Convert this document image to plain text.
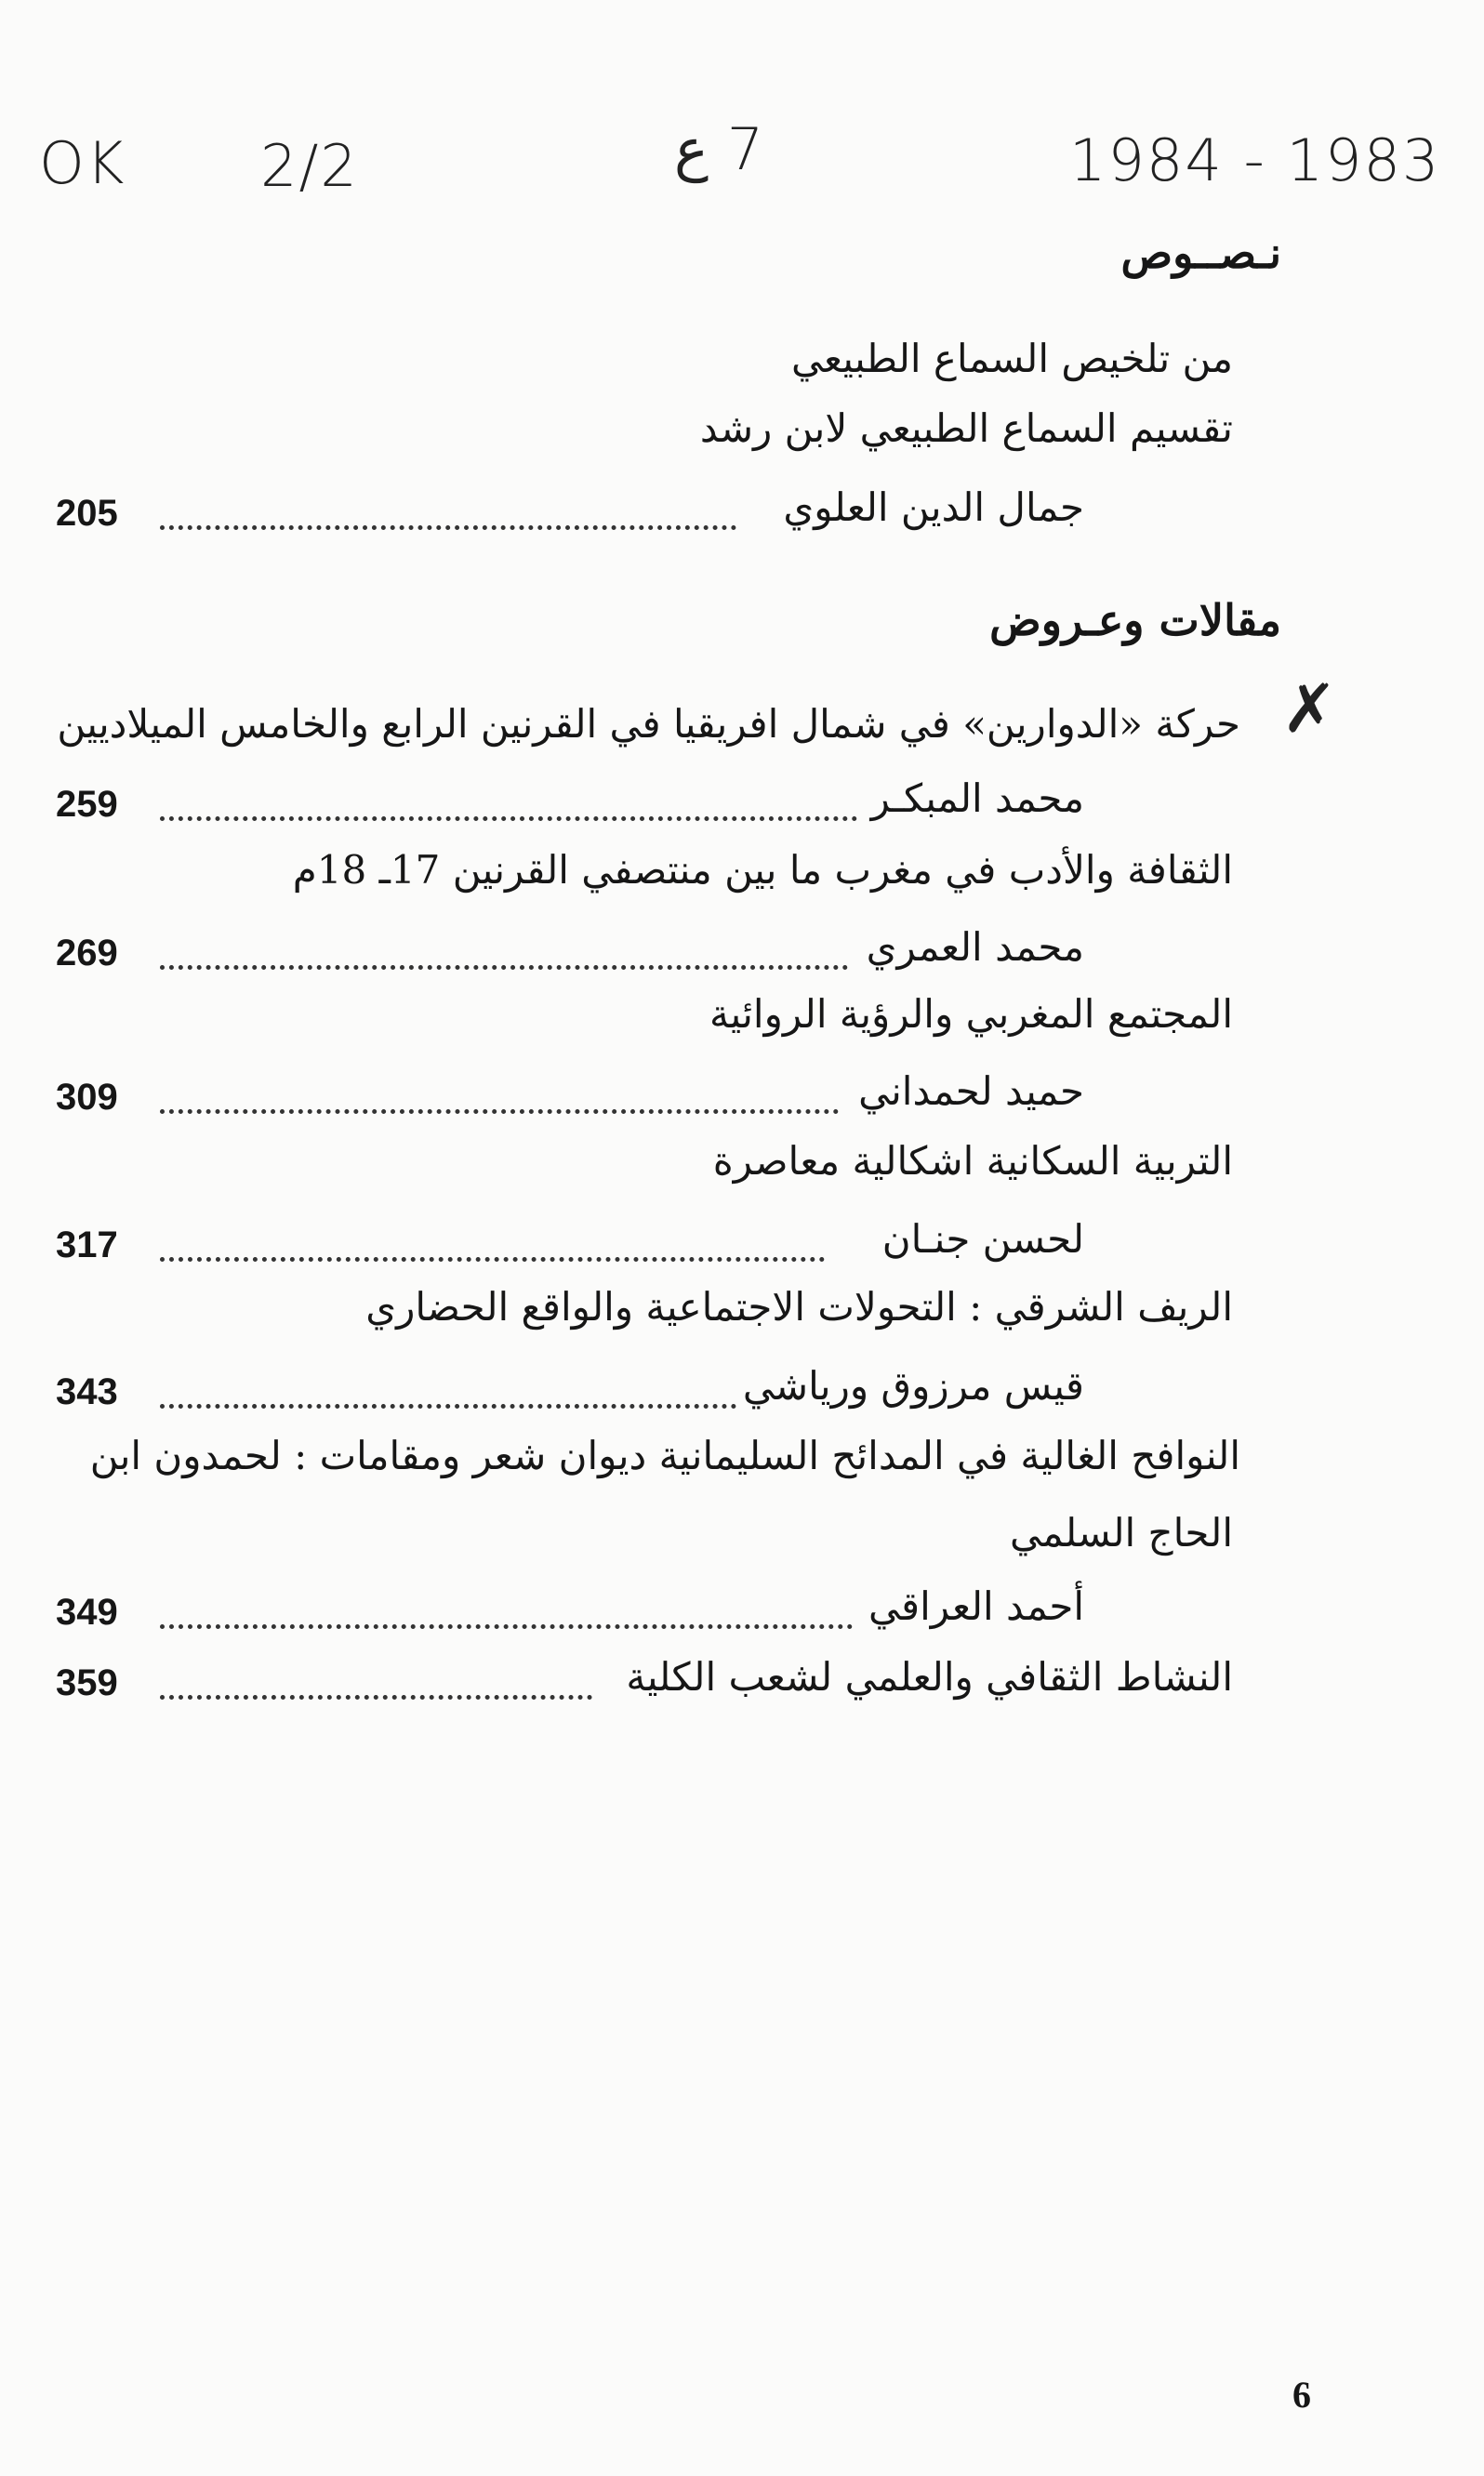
OK 2/2	7 ع	1984 - 1983
نـصــوص
من تلخيص السماع الطبيعي
تقسيم السماع الطبيعي لابن رشد
جمال الدين العلوي
205
مقالات وعـروض
✗
حركة «الدوارين» في شمال افريقيا في القرنين الرابع والخامس الميلاديين
محمد المبكـر
259
الثقافة والأدب في مغرب ما بين منتصفي القرنين 17ـ 18م
محمد العمري
269
المجتمع المغربي والرؤية الروائية
حميد لحمداني
309
التربية السكانية اشكالية معاصرة
لحسن جنـان
317
الريف الشرقي : التحولات الاجتماعية والواقع الحضاري
قيس مرزوق ورياشي
343
النوافح الغالية في المدائح السليمانية ديوان شعر ومقامات : لحمدون ابن
الحاج السلمي
أحمد العراقي
349
النشاط الثقافي والعلمي لشعب الكلية
359
6
